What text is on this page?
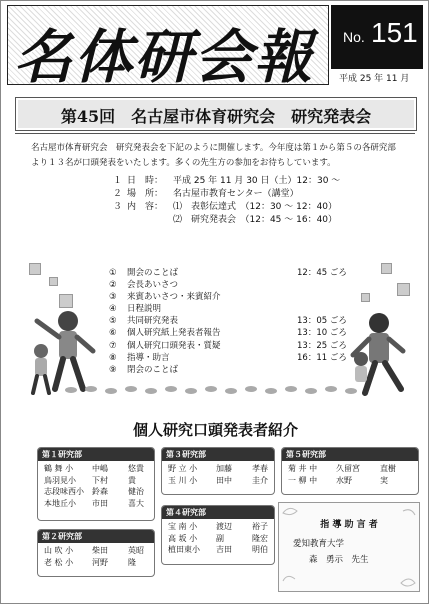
名体研会報 No. 151
平成 25 年 11 月
第45回　名古屋市体育研究会　研究発表会
名古屋市体育研究会　研究発表会を下記のように開催します。今年度は第１から第５の各研究部より１３名が口頭発表をいたします。多くの先生方の参加をお待ちしています。
１ 日　時：	平成 25 年 11 月 30 日（土）12：30 ～
２ 場　所：	名古屋市教育センター（講堂）
３ 内　容：	⑴　表彰伝達式　（12：30 ～ 12：40）
⑵　研究発表会　（12：45 ～ 16：40）
①	開会のことば	12：45 ごろ
②	会長あいさつ
③	来賓あいさつ・来賓紹介
④	日程説明
⑤	共同研究発表	13：05 ごろ
⑥	個人研究紙上発表者報告	13：10 ごろ
⑦	個人研究口頭発表・質疑	13：25 ごろ
⑧	指導・助言	16：11 ごろ
⑨	閉会のことば
個人研究口頭発表者紹介
第１研究部
鶴 舞 小	中嶋	悠貴
鳥羽見小	下村	貴
志段味西小	鈴森	健治
本地丘小	市田	喜大
第２研究部
山 吹 小	柴田	英昭
老 松 小	河野	隆
第３研究部
野 立 小	加藤	孝春
玉 川 小	田中	圭介
第４研究部
宝 南 小	渡辺	裕子
高 坂 小	副	隆宏
植田東小	吉田	明伯
第５研究部
菊 井 中	久留宮	直樹
一 柳 中	水野	実
指 導 助 言 者
愛知教育大学
森　勇示　先生
